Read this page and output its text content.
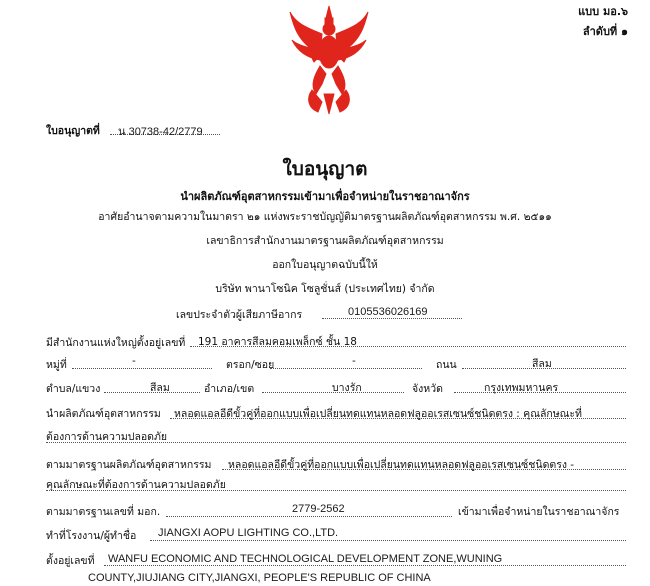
แบบ มอ.๖
ลำดับที่ ๑
ใบอนุญาตที่ น 30738-42/2779
ใบอนุญาต
นำผลิตภัณฑ์อุตสาหกรรมเข้ามาเพื่อจำหน่ายในราชอาณาจักร
อาศัยอำนาจตามความในมาตรา ๒๑ แห่งพระราชบัญญัติมาตรฐานผลิตภัณฑ์อุตสาหกรรม พ.ศ. ๒๕๑๑
เลขาธิการสำนักงานมาตรฐานผลิตภัณฑ์อุตสาหกรรม
ออกใบอนุญาตฉบับนี้ให้
บริษัท พานาโซนิค โซลูชั่นส์ (ประเทศไทย) จำกัด
เลขประจำตัวผู้เสียภาษีอากร	0105536026169
มีสำนักงานแห่งใหญ่ตั้งอยู่เลขที่ 191 อาคารสีลมคอมเพล็กซ์ ชั้น 18
หมู่ที่	-	ตรอก/ซอย	-	ถนน	สีลม
ตำบล/แขวง	สีลม	อำเภอ/เขต	บางรัก	จังหวัด	กรุงเทพมหานคร
นำผลิตภัณฑ์อุตสาหกรรม หลอดแอลอีดีขั้วคู่ที่ออกแบบเพื่อเปลี่ยนทดแทนหลอดฟลูออเรสเซนซ์ชนิดตรง : คุณลักษณะที่
ต้องการด้านความปลอดภัย
ตามมาตรฐานผลิตภัณฑ์อุตสาหกรรม หลอดแอลอีดีขั้วคู่ที่ออกแบบเพื่อเปลี่ยนทดแทนหลอดฟลูออเรสเซนซ์ชนิดตรง -
คุณลักษณะที่ต้องการด้านความปลอดภัย
ตามมาตรฐานเลขที่ มอก.	2779-2562	เข้ามาเพื่อจำหน่ายในราชอาณาจักร
ทำที่โรงงาน/ผู้ทำชื่อ JIANGXI AOPU LIGHTING CO.,LTD.
ตั้งอยู่เลขที่ WANFU ECONOMIC AND TECHNOLOGICAL DEVELOPMENT ZONE,WUNING
COUNTY,JIUJIANG CITY,JIANGXI, PEOPLE'S REPUBLIC OF CHINA
